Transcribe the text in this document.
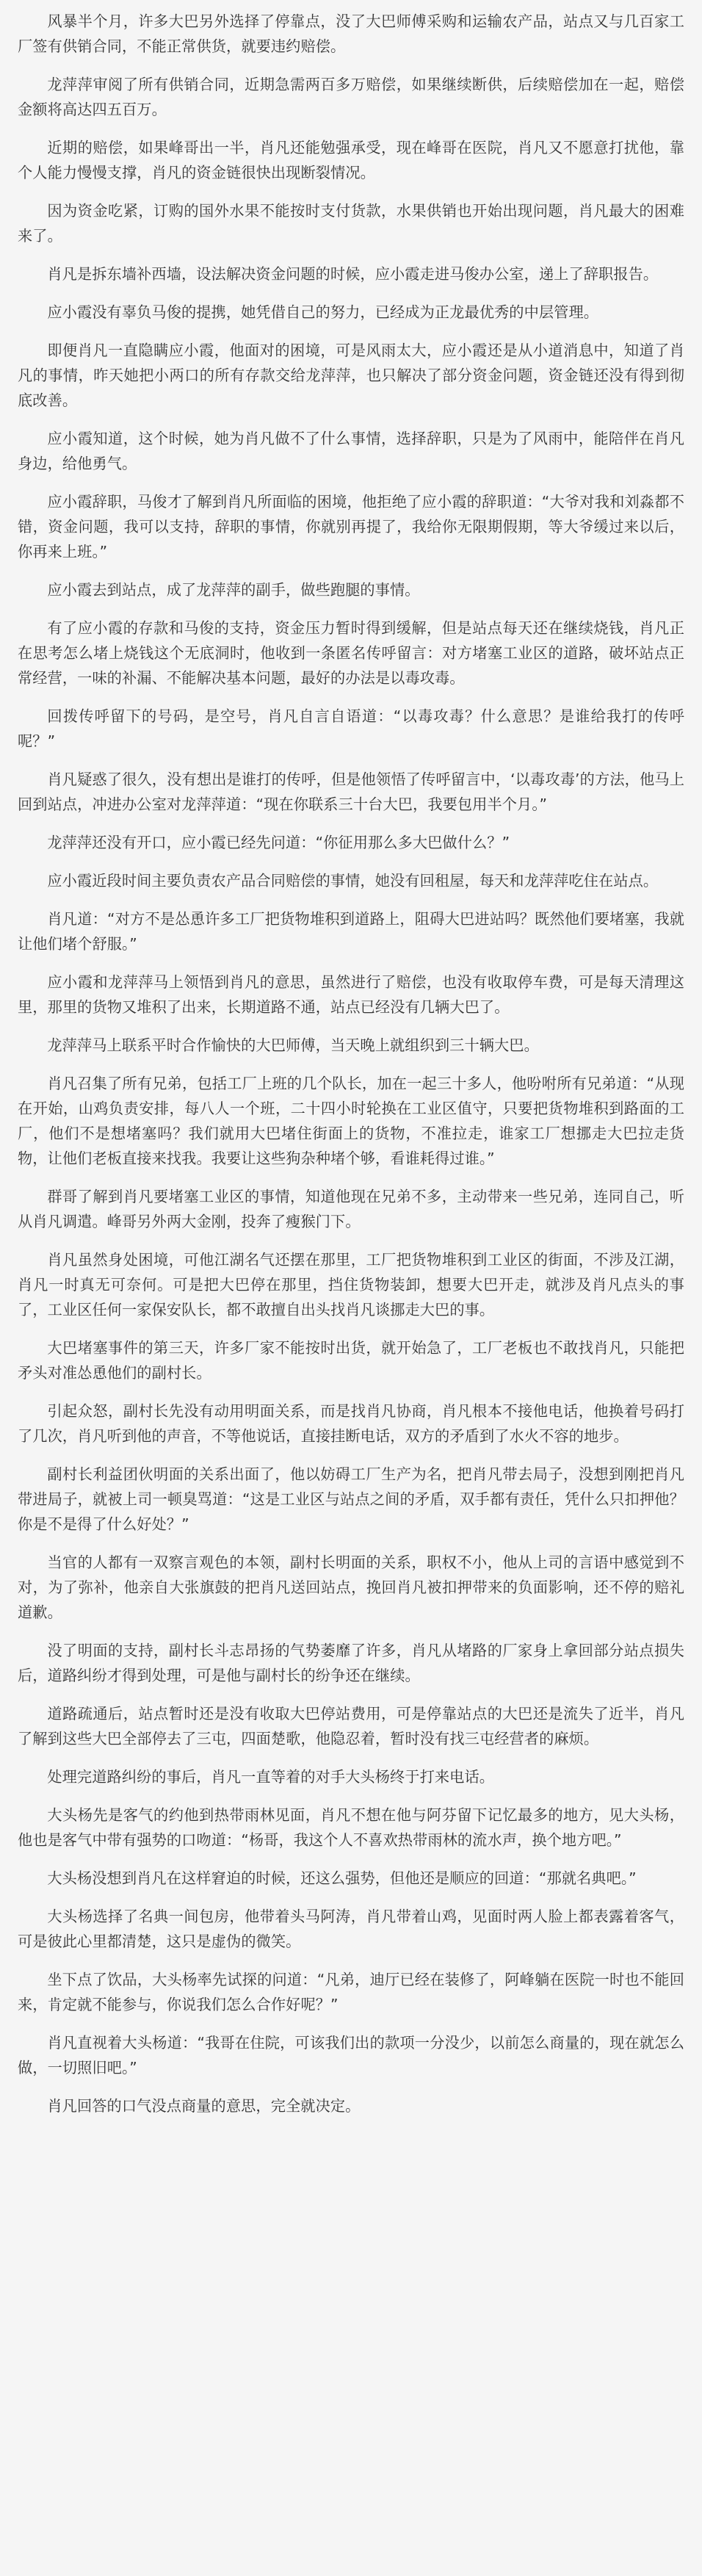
风暴半个月，许多大巴另外选择了停靠点，没了大巴师傅采购和运输农产品，站点又与几百家工厂签有供销合同，不能正常供货，就要违约赔偿。

龙萍萍审阅了所有供销合同，近期急需两百多万赔偿，如果继续断供，后续赔偿加在一起，赔偿金额将高达四五百万。

近期的赔偿，如果峰哥出一半，肖凡还能勉强承受，现在峰哥在医院，肖凡又不愿意打扰他，靠个人能力慢慢支撑，肖凡的资金链很快出现断裂情况。

因为资金吃紧，订购的国外水果不能按时支付货款，水果供销也开始出现问题，肖凡最大的困难来了。

肖凡是拆东墙补西墙，设法解决资金问题的时候，应小霞走进马俊办公室，递上了辞职报告。

应小霞没有辜负马俊的提携，她凭借自己的努力，已经成为正龙最优秀的中层管理。

即便肖凡一直隐瞒应小霞，他面对的困境，可是风雨太大，应小霞还是从小道消息中，知道了肖凡的事情，昨天她把小两口的所有存款交给龙萍萍，也只解决了部分资金问题，资金链还没有得到彻底改善。

应小霞知道，这个时候，她为肖凡做不了什么事情，选择辞职，只是为了风雨中，能陪伴在肖凡身边，给他勇气。

应小霞辞职，马俊才了解到肖凡所面临的困境，他拒绝了应小霞的辞职道：“大爷对我和刘淼都不错，资金问题，我可以支持，辞职的事情，你就别再提了，我给你无限期假期，等大爷缓过来以后，你再来上班。”

应小霞去到站点，成了龙萍萍的副手，做些跑腿的事情。

有了应小霞的存款和马俊的支持，资金压力暂时得到缓解，但是站点每天还在继续烧钱，肖凡正在思考怎么堵上烧钱这个无底洞时，他收到一条匿名传呼留言：对方堵塞工业区的道路，破坏站点正常经营，一味的补漏、不能解决基本问题，最好的办法是以毒攻毒。

回拨传呼留下的号码，是空号，肖凡自言自语道：“以毒攻毒？什么意思？是谁给我打的传呼呢？”

肖凡疑惑了很久，没有想出是谁打的传呼，但是他领悟了传呼留言中，‘以毒攻毒’的方法，他马上回到站点，冲进办公室对龙萍萍道：“现在你联系三十台大巴，我要包用半个月。”

龙萍萍还没有开口，应小霞已经先问道：“你征用那么多大巴做什么？”

应小霞近段时间主要负责农产品合同赔偿的事情，她没有回租屋，每天和龙萍萍吃住在站点。

肖凡道：“对方不是怂恿许多工厂把货物堆积到道路上，阻碍大巴进站吗？既然他们要堵塞，我就让他们堵个舒服。”

应小霞和龙萍萍马上领悟到肖凡的意思，虽然进行了赔偿，也没有收取停车费，可是每天清理这里，那里的货物又堆积了出来，长期道路不通，站点已经没有几辆大巴了。

龙萍萍马上联系平时合作愉快的大巴师傅，当天晚上就组织到三十辆大巴。

肖凡召集了所有兄弟，包括工厂上班的几个队长，加在一起三十多人，他吩咐所有兄弟道：“从现在开始，山鸡负责安排，每八人一个班，二十四小时轮换在工业区值守，只要把货物堆积到路面的工厂，他们不是想堵塞吗？我们就用大巴堵住街面上的货物，不准拉走，谁家工厂想挪走大巴拉走货物，让他们老板直接来找我。我要让这些狗杂种堵个够，看谁耗得过谁。”

群哥了解到肖凡要堵塞工业区的事情，知道他现在兄弟不多，主动带来一些兄弟，连同自己，听从肖凡调遣。峰哥另外两大金刚，投奔了瘦猴门下。

肖凡虽然身处困境，可他江湖名气还摆在那里，工厂把货物堆积到工业区的街面，不涉及江湖，肖凡一时真无可奈何。可是把大巴停在那里，挡住货物装卸，想要大巴开走，就涉及肖凡点头的事了，工业区任何一家保安队长，都不敢擅自出头找肖凡谈挪走大巴的事。

大巴堵塞事件的第三天，许多厂家不能按时出货，就开始急了，工厂老板也不敢找肖凡，只能把矛头对准怂恿他们的副村长。

引起众怒，副村长先没有动用明面关系，而是找肖凡协商，肖凡根本不接他电话，他换着号码打了几次，肖凡听到他的声音，不等他说话，直接挂断电话，双方的矛盾到了水火不容的地步。

副村长利益团伙明面的关系出面了，他以妨碍工厂生产为名，把肖凡带去局子，没想到刚把肖凡带进局子，就被上司一顿臭骂道：“这是工业区与站点之间的矛盾，双手都有责任，凭什么只扣押他？你是不是得了什么好处？”

当官的人都有一双察言观色的本领，副村长明面的关系，职权不小，他从上司的言语中感觉到不对，为了弥补，他亲自大张旗鼓的把肖凡送回站点，挽回肖凡被扣押带来的负面影响，还不停的赔礼道歉。

没了明面的支持，副村长斗志昂扬的气势萎靡了许多，肖凡从堵路的厂家身上拿回部分站点损失后，道路纠纷才得到处理，可是他与副村长的纷争还在继续。

道路疏通后，站点暂时还是没有收取大巴停站费用，可是停靠站点的大巴还是流失了近半，肖凡了解到这些大巴全部停去了三屯，四面楚歌，他隐忍着，暂时没有找三屯经营者的麻烦。

处理完道路纠纷的事后，肖凡一直等着的对手大头杨终于打来电话。

大头杨先是客气的约他到热带雨林见面，肖凡不想在他与阿芬留下记忆最多的地方，见大头杨，他也是客气中带有强势的口吻道：“杨哥，我这个人不喜欢热带雨林的流水声，换个地方吧。”

大头杨没想到肖凡在这样窘迫的时候，还这么强势，但他还是顺应的回道：“那就名典吧。”

大头杨选择了名典一间包房，他带着头马阿涛，肖凡带着山鸡，见面时两人脸上都表露着客气，可是彼此心里都清楚，这只是虚伪的微笑。

坐下点了饮品，大头杨率先试探的问道：“凡弟，迪厅已经在装修了，阿峰躺在医院一时也不能回来，肯定就不能参与，你说我们怎么合作好呢？”

肖凡直视着大头杨道：“我哥在住院，可该我们出的款项一分没少，以前怎么商量的，现在就怎么做，一切照旧吧。”

肖凡回答的口气没点商量的意思，完全就决定。
